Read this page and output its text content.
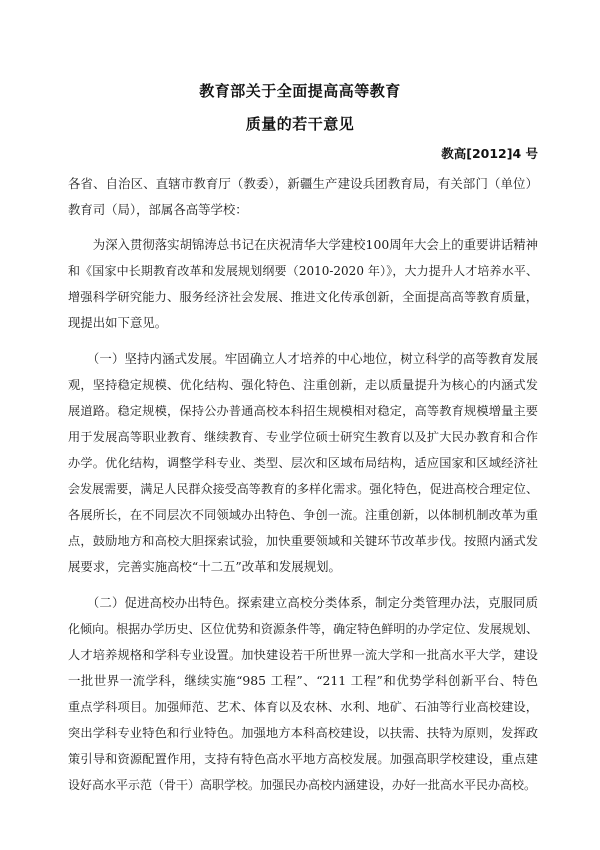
教育部关于全面提高高等教育
质量的若干意见
教高[2012]4 号
各省、自治区、直辖市教育厅（教委），新疆生产建设兵团教育局，有关部门（单位）
教育司（局），部属各高等学校：
　　为深入贯彻落实胡锦涛总书记在庆祝清华大学建校100周年大会上的重要讲话精神
和《国家中长期教育改革和发展规划纲要（2010-2020 年）》，大力提升人才培养水平、
增强科学研究能力、服务经济社会发展、推进文化传承创新，全面提高高等教育质量，
现提出如下意见。
　　（一）坚持内涵式发展。牢固确立人才培养的中心地位，树立科学的高等教育发展
观，坚持稳定规模、优化结构、强化特色、注重创新，走以质量提升为核心的内涵式发
展道路。稳定规模，保持公办普通高校本科招生规模相对稳定，高等教育规模增量主要
用于发展高等职业教育、继续教育、专业学位硕士研究生教育以及扩大民办教育和合作
办学。优化结构，调整学科专业、类型、层次和区域布局结构，适应国家和区域经济社
会发展需要，满足人民群众接受高等教育的多样化需求。强化特色，促进高校合理定位、
各展所长，在不同层次不同领域办出特色、争创一流。注重创新，以体制机制改革为重
点，鼓励地方和高校大胆探索试验，加快重要领域和关键环节改革步伐。按照内涵式发
展要求，完善实施高校“十二五”改革和发展规划。
　　（二）促进高校办出特色。探索建立高校分类体系，制定分类管理办法，克服同质
化倾向。根据办学历史、区位优势和资源条件等，确定特色鲜明的办学定位、发展规划、
人才培养规格和学科专业设置。加快建设若干所世界一流大学和一批高水平大学，建设
一批世界一流学科，继续实施“985 工程”、“211 工程”和优势学科创新平台、特色
重点学科项目。加强师范、艺术、体育以及农林、水利、地矿、石油等行业高校建设，
突出学科专业特色和行业特色。加强地方本科高校建设，以扶需、扶特为原则，发挥政
策引导和资源配置作用，支持有特色高水平地方高校发展。加强高职学校建设，重点建
设好高水平示范（骨干）高职学校。加强民办高校内涵建设，办好一批高水平民办高校。
